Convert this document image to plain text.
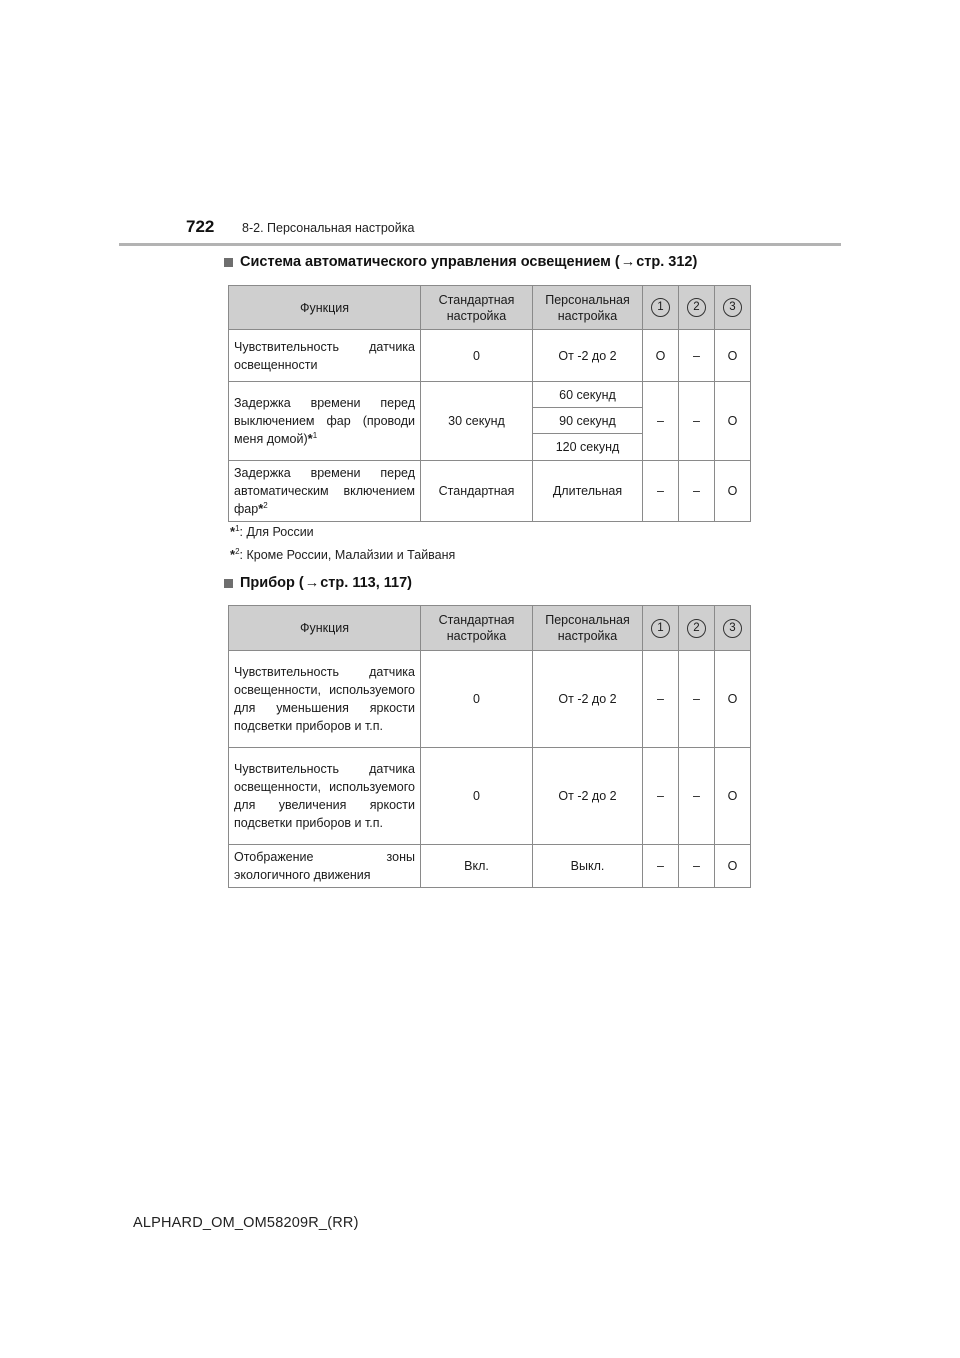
722 8-2. Персональная настройка
Система автоматического управления освещением ( → стр. 312)
Функция	Стандартная настройка	Персональная настройка	1	2	3
Чувствительность датчика освещенности	0	От -2 до 2	O	–	O
Задержка времени перед выключением фар (проводи меня домой)*$^1$	30 секунд	60 секунд	–	–	O
		90 секунд			
		120 секунд			
Задержка времени перед автоматическим включением фар*$^2$	Стандартная	Длительная	–	–	O
*$^1$: Для России
*$^2$: Кроме России, Малайзии и Тайваня
Прибор ( → стр. 113, 117)
Функция	Стандартная настройка	Персональная настройка	1	2	3
Чувствительность датчика освещенности, используемого для уменьшения яркости подсветки приборов и т.п.	0	От -2 до 2	–	–	O
Чувствительность датчика освещенности, используемого для увеличения яркости подсветки приборов и т.п.	0	От -2 до 2	–	–	O
Отображение зоны экологичного движения	Вкл.	Выкл.	–	–	O
ALPHARD_OM_OM58209R_(RR)
